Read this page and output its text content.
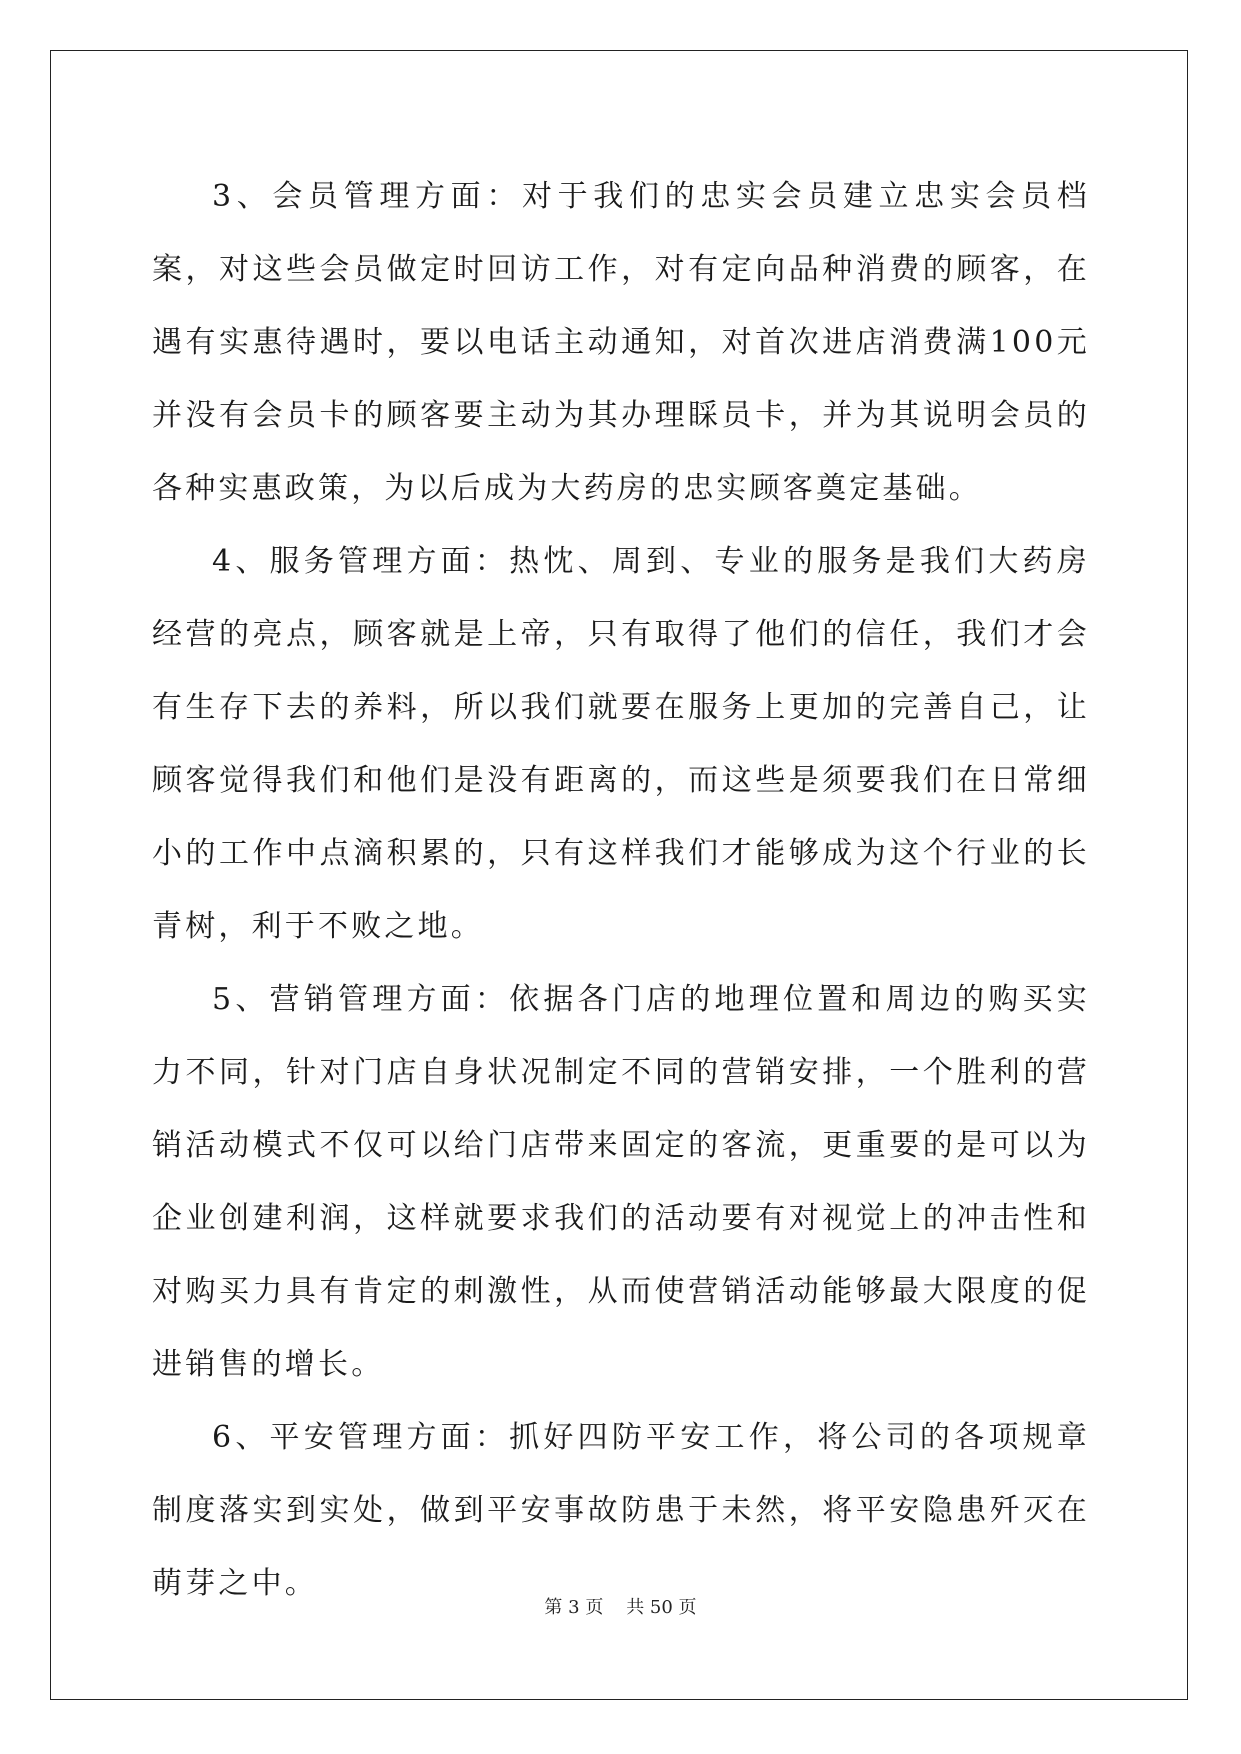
3、会员管理方面：对于我们的忠实会员建立忠实会员档案，对这些会员做定时回访工作，对有定向品种消费的顾客，在遇有实惠待遇时，要以电话主动通知，对首次进店消费满100元并没有会员卡的顾客要主动为其办理睬员卡，并为其说明会员的各种实惠政策，为以后成为大药房的忠实顾客奠定基础。

4、服务管理方面：热忱、周到、专业的服务是我们大药房经营的亮点，顾客就是上帝，只有取得了他们的信任，我们才会有生存下去的养料，所以我们就要在服务上更加的完善自己，让顾客觉得我们和他们是没有距离的，而这些是须要我们在日常细小的工作中点滴积累的，只有这样我们才能够成为这个行业的长青树，利于不败之地。

5、营销管理方面：依据各门店的地理位置和周边的购买实力不同，针对门店自身状况制定不同的营销安排，一个胜利的营销活动模式不仅可以给门店带来固定的客流，更重要的是可以为企业创建利润，这样就要求我们的活动要有对视觉上的冲击性和对购买力具有肯定的刺激性，从而使营销活动能够最大限度的促进销售的增长。

6、平安管理方面：抓好四防平安工作，将公司的各项规章制度落实到实处，做到平安事故防患于未然，将平安隐患歼灭在萌芽之中。

第 3 页    共 50 页
